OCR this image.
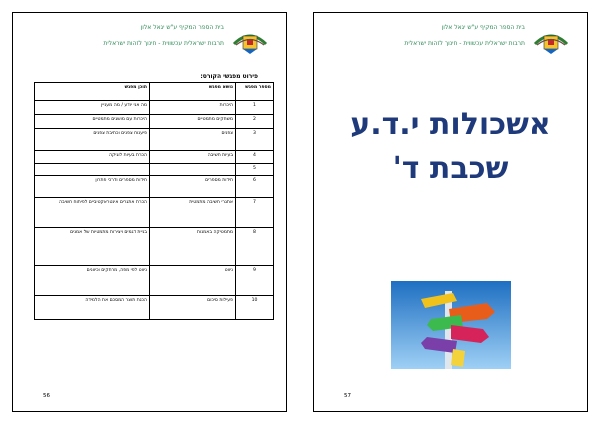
בית הספר המקיף ע"ש יגאל אלון
תרבות ישראלית עכשווית - חינוך לזהות ישראלית
פירוט מפגשי הקורס:
מספר מפגש	נושא מפגש	תוכן מפגש
1	היכרות	מה אני יודע / מה מעניין
2	משחקים מתמטיים	היכרות עם מושגים מתמטיים
3	צפנים	פיענוח צפנים וכתיבת צפנים
4	בעיות חשיבה	הכרת בעיות לוגיקה
5		
6	חידות מספרים	חידות מספרים ודרכי פתרון
7	אתגרי חשיבה מתמטית	הכרת אתגרים אינטראקטיביים לפיתוח חשיבה
8	מתמטיקה באמנות	בניית דגמים ויצירות מתמטיות של אמנים
9	ניווט	ניווט לפי מפה, מרחקים וכיוונים
10	פעילות סיכום	הכנת תוצר המסכם את הלמידה
56
בית הספר המקיף ע"ש יגאל אלון
תרבות ישראלית עכשווית - חינוך לזהות ישראלית
אשכולות י.ד.ע
שכבת ד'
57
